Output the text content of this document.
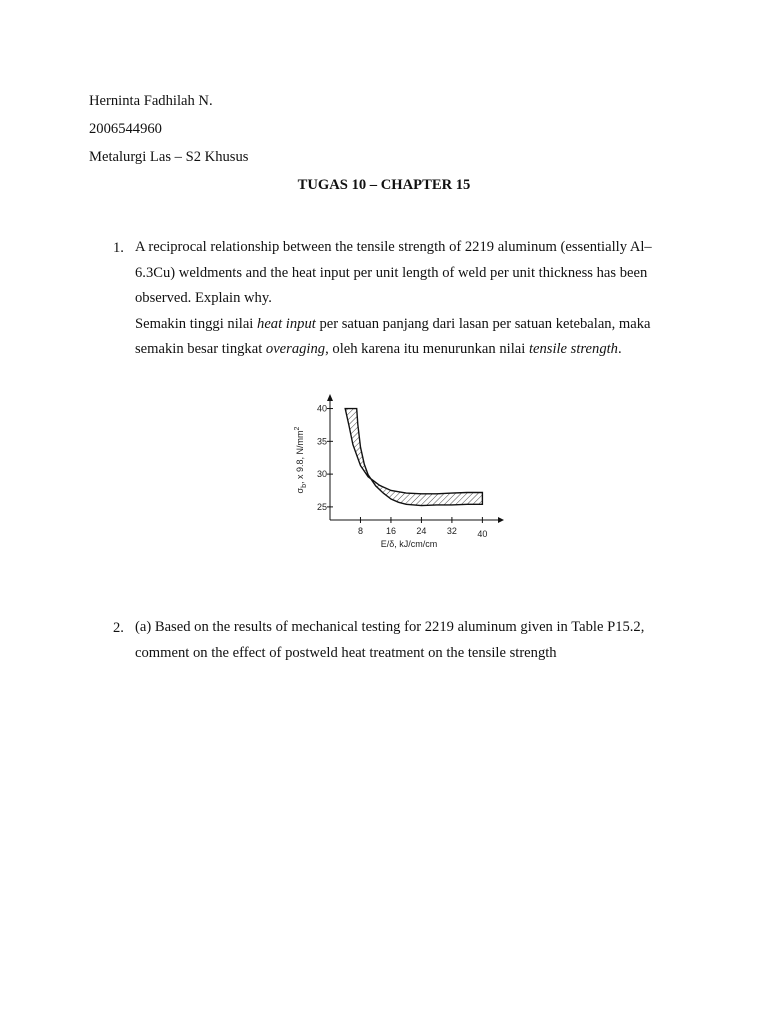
Herninta Fadhilah N.
2006544960
Metalurgi Las – S2 Khusus
TUGAS 10 – CHAPTER 15
1. A reciprocal relationship between the tensile strength of 2219 aluminum (essentially Al–

6.3Cu) weldments and the heat input per unit length of weld per unit thickness has been

observed. Explain why.

Semakin tinggi nilai heat input per satuan panjang dari lasan per satuan ketebalan, maka

semakin besar tingkat overaging, oleh karena itu menurunkan nilai tensile strength.

8	16 24 32 40
25
30
35
40
E/δ, kJ/cm/cm
$\sigma_b$, x 9.8, $N/mm^2$
2. (a) Based on the results of mechanical testing for 2219 aluminum given in Table P15.2,

comment on the effect of postweld heat treatment on the tensile strength
